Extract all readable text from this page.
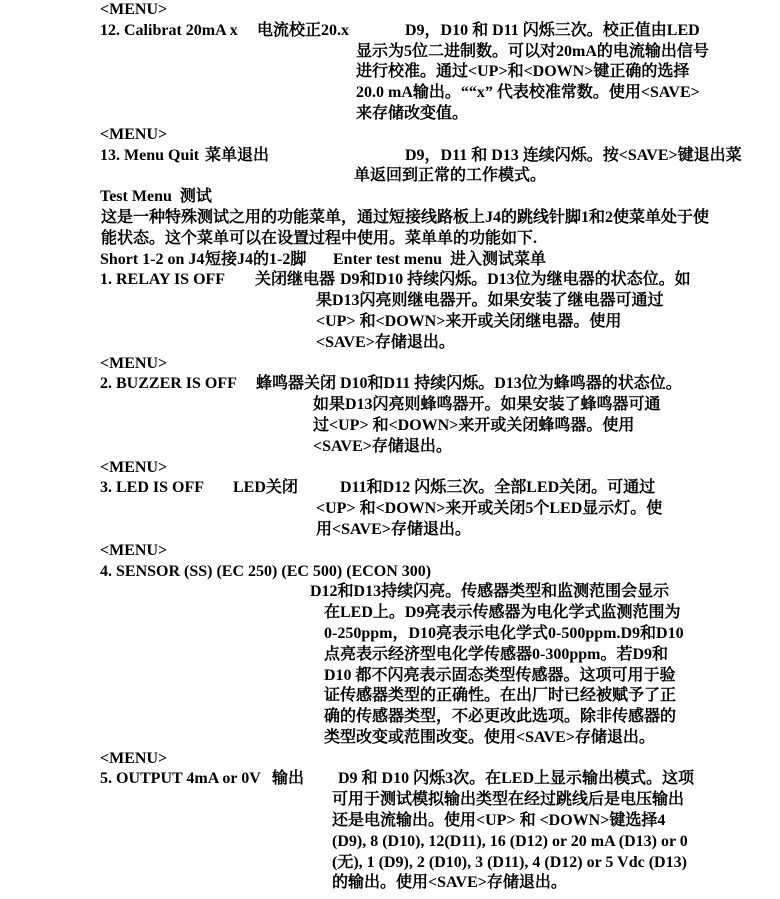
<MENU>
12. Calibrat 20mA x 电流校正20.x	D9，D10 和 D11 闪烁三次。校正值由LED
显示为5位二进制数。可以对20mA的电流输出信号
进行校准。通过<UP>和<DOWN>键正确的选择
20.0 mA输出。““x” 代表校准常数。使用<SAVE>
来存储改变值。
<MENU>
13. Menu Quit 菜单退出	D9，D11 和 D13 连续闪烁。按<SAVE>键退出菜
单返回到正常的工作模式。
Test Menu  测试
这是一种特殊测试之用的功能菜单，通过短接线路板上J4的跳线针脚1和2使菜单处于使
能状态。这个菜单可以在设置过程中使用。菜单单的功能如下.
Short 1-2 on J4 短接J4的1-2脚 Enter test menu  进入测试菜单
1. RELAY IS OFF 关闭继电器 D9和D10 持续闪烁。D13位为继电器的状态位。如
果D13闪亮则继电器开。如果安装了继电器可通过
<UP> 和<DOWN>来开或关闭继电器。使用
<SAVE>存储退出。
<MENU>
2. BUZZER IS OFF 蜂鸣器关闭 D10和D11 持续闪烁。D13位为蜂鸣器的状态位。
如果D13闪亮则蜂鸣器开。如果安装了蜂鸣器可通
过<UP> 和<DOWN>来开或关闭蜂鸣器。使用
<SAVE>存储退出。
<MENU>
3. LED IS OFF LED关闭	D11和D12 闪烁三次。全部LED关闭。可通过
<UP> 和<DOWN>来开或关闭5个LED显示灯。使
用<SAVE>存储退出。
<MENU>
4. SENSOR (SS) (EC 250) (EC 500) (ECON 300)
D12和D13持续闪亮。传感器类型和监测范围会显示
在LED上。D9亮表示传感器为电化学式监测范围为
0-250ppm，D10亮表示电化学式0-500ppm.D9和D10
点亮表示经济型电化学传感器0-300ppm。若D9和
D10 都不闪亮表示固态类型传感器。这项可用于验
证传感器类型的正确性。在出厂时已经被赋予了正
确的传感器类型，不必更改此选项。除非传感器的
类型改变或范围改变。使用<SAVE>存储退出。
<MENU>
5. OUTPUT 4mA or 0V 输出 D9 和 D10 闪烁3次。在LED上显示输出模式。这项
可用于测试模拟输出类型在经过跳线后是电压输出
还是电流输出。使用<UP> 和 <DOWN>键选择4
(D9), 8 (D10), 12(D11), 16 (D12) or 20 mA (D13) or 0
(无), 1 (D9), 2 (D10), 3 (D11), 4 (D12) or 5 Vdc (D13)
的输出。使用<SAVE>存储退出。
